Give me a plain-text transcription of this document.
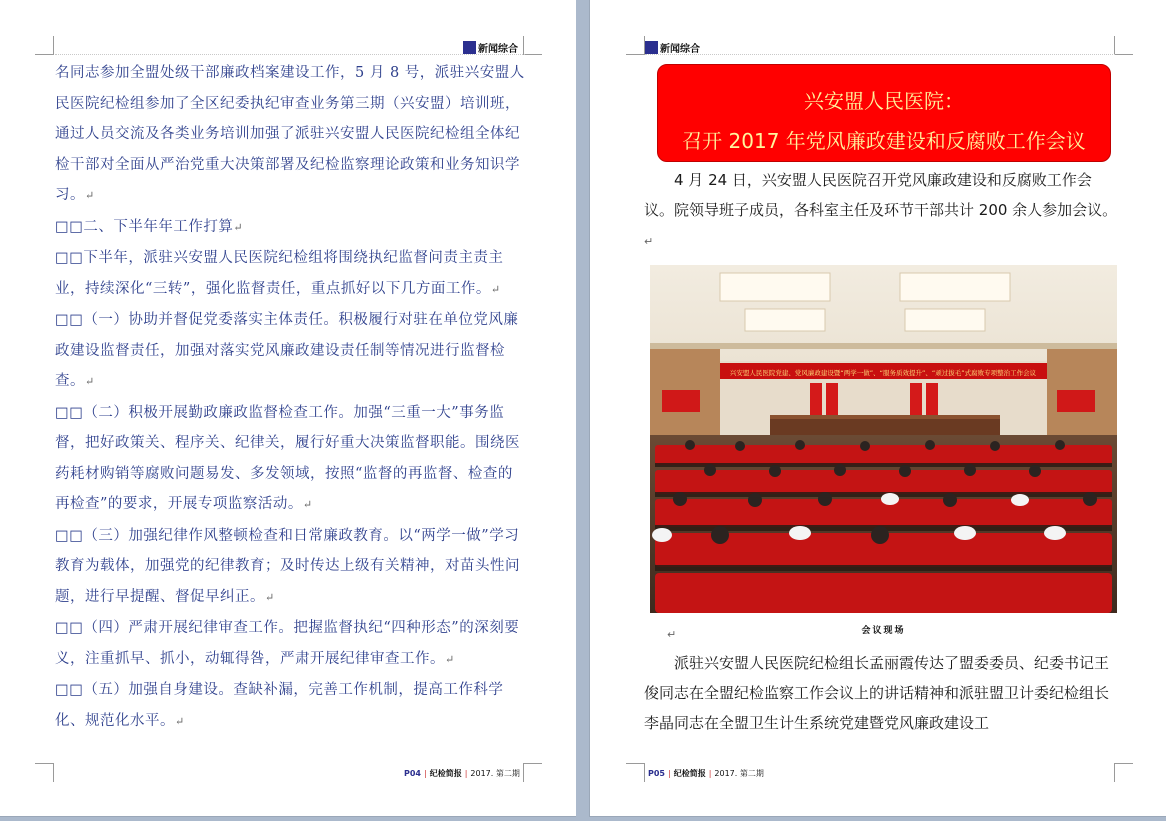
新闻综合

名同志参加全盟处级干部廉政档案建设工作，5 月 8 号，派驻兴安盟人民医院纪检组参加了全区纪委执纪审查业务第三期（兴安盟）培训班，通过人员交流及各类业务培训加强了派驻兴安盟人民医院纪检组全体纪检干部对全面从严治党重大决策部署及纪检监察理论政策和业务知识学习。↵

□□二、下半年年工作打算↵

□□下半年，派驻兴安盟人民医院纪检组将围绕执纪监督问责主责主业，持续深化“三转”，强化监督责任，重点抓好以下几方面工作。↵

□□（一）协助并督促党委落实主体责任。积极履行对驻在单位党风廉政建设监督责任，加强对落实党风廉政建设责任制等情况进行监督检查。↵

□□（二）积极开展勤政廉政监督检查工作。加强“三重一大”事务监督，把好政策关、程序关、纪律关，履行好重大决策监督职能。围绕医药耗材购销等腐败问题易发、多发领域，按照“监督的再监督、检查的再检查”的要求，开展专项监察活动。↵

□□（三）加强纪律作风整顿检查和日常廉政教育。以“两学一做”学习教育为载体，加强党的纪律教育；及时传达上级有关精神，对苗头性问题，进行早提醒、督促早纠正。↵

□□（四）严肃开展纪律审查工作。把握监督执纪“四种形态”的深刻要义，注重抓早、抓小，动辄得咎，严肃开展纪律审查工作。↵

□□（五）加强自身建设。查缺补漏，完善工作机制，提高工作科学化、规范化水平。↵

P04 | 纪检简报 | 2017. 第二期
新闻综合
兴安盟人民医院：
召开 2017 年党风廉政建设和反腐败工作会议

4 月 24 日，兴安盟人民医院召开党风廉政建设和反腐败工作会议。院领导班子成员，各科室主任及环节干部共计 200 余人参加会议。↵

兴安盟人民医院党建、党风廉政建设暨“两学一做”、“服务质效提升”、“顽过拔毛”式腐败专项整治工作会议
↵	会议现场

派驻兴安盟人民医院纪检组长孟丽霞传达了盟委委员、纪委书记王俊同志在全盟纪检监察工作会议上的讲话精神和派驻盟卫计委纪检组长李晶同志在全盟卫生计生系统党建暨党风廉政建设工

P05 | 纪检简报 | 2017. 第二期
